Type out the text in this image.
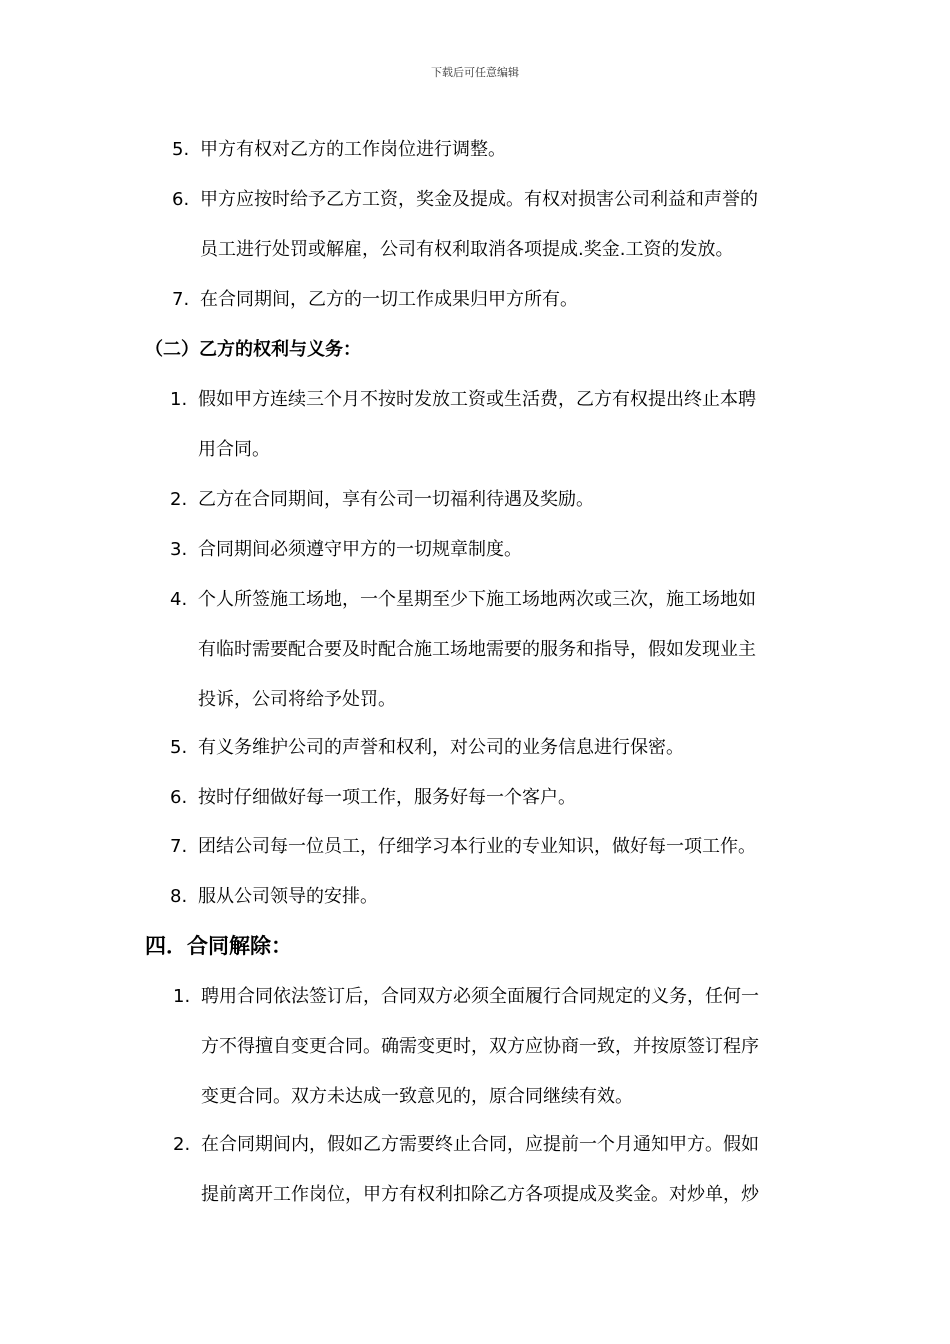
下载后可任意编辑
5. 甲方有权对乙方的工作岗位进行调整。
6. 甲方应按时给予乙方工资，奖金及提成。有权对损害公司利益和声誉的
员工进行处罚或解雇，公司有权利取消各项提成.奖金.工资的发放。
7. 在合同期间，乙方的一切工作成果归甲方所有。
（二）乙方的权利与义务：
1. 假如甲方连续三个月不按时发放工资或生活费，乙方有权提出终止本聘
用合同。
2. 乙方在合同期间，享有公司一切福利待遇及奖励。
3. 合同期间必须遵守甲方的一切规章制度。
4. 个人所签施工场地，一个星期至少下施工场地两次或三次，施工场地如
有临时需要配合要及时配合施工场地需要的服务和指导，假如发现业主
投诉，公司将给予处罚。
5. 有义务维护公司的声誉和权利，对公司的业务信息进行保密。
6. 按时仔细做好每一项工作，服务好每一个客户。
7. 团结公司每一位员工，仔细学习本行业的专业知识，做好每一项工作。
8. 服从公司领导的安排。
四．合同解除：
1. 聘用合同依法签订后，合同双方必须全面履行合同规定的义务，任何一
方不得擅自变更合同。确需变更时，双方应协商一致，并按原签订程序
变更合同。双方未达成一致意见的，原合同继续有效。
2. 在合同期间内，假如乙方需要终止合同，应提前一个月通知甲方。假如
提前离开工作岗位，甲方有权利扣除乙方各项提成及奖金。对炒单，炒
